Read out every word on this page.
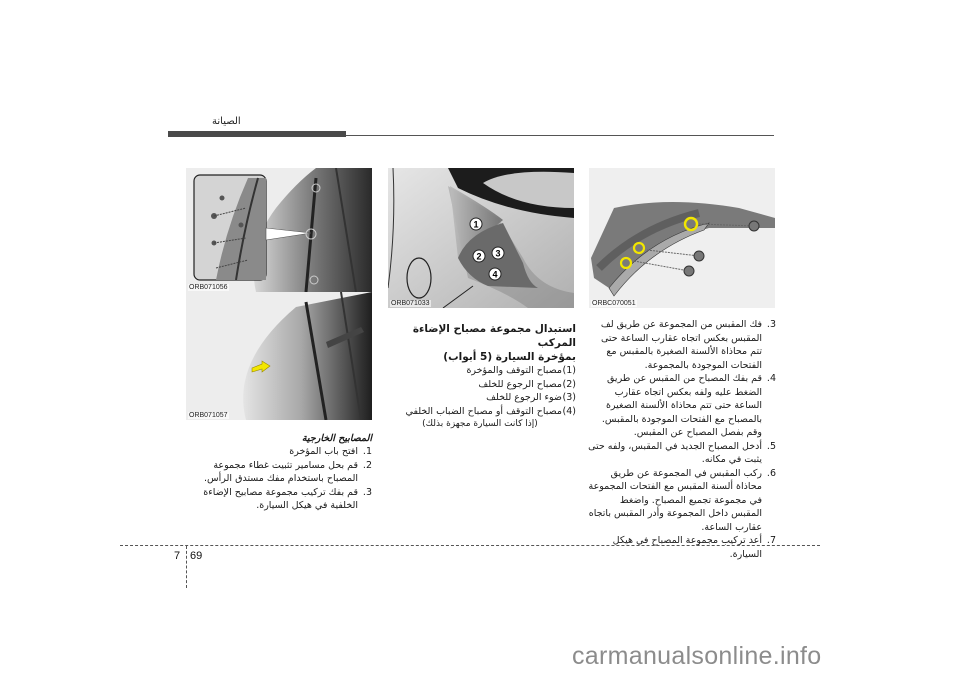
الصيانة
ORB071056
ORB071057
1
2 3
4
ORB071033	ORBC070051
المصابيح الخارجية
1.
افتح باب المؤخرة
2.
قم بحل مسامير تثبيت غطاء مجموعة المصباح باستخدام مفك مستدق الرأس.
3.
قم بفك تركيب مجموعة مصابيح الإضاءة الخلفية في هيكل السيارة.
استبدال مجموعة مصباح الإضاءة المركب
بمؤخرة السيارة (5 أبواب)
(1)
مصباح التوقف والمؤخرة
(2)
مصباح الرجوع للخلف
(3)
ضوء الرجوع للخلف
(4)
مصباح التوقف أو مصباح الضباب الخلفي
(إذا كانت السيارة مجهزة بذلك)
3.
فك المقبس من المجموعة عن طريق لف المقبس بعكس اتجاه عقارب الساعة حتى تتم محاذاة الألسنة الصغيرة بالمقبس مع الفتحات الموجودة بالمجموعة.
4.
قم بفك المصباح من المقبس عن طريق الضغط عليه ولفه بعكس اتجاه عقارب الساعة حتى تتم محاذاة الألسنة الصغيرة بالمصباح مع الفتحات الموجودة بالمقبس. وقم بفصل المصباح عن المقبس.
5.
أدخل المصباح الجديد في المقبس، ولفه حتى يثبت في مكانه.
6.
ركب المقبس في المجموعة عن طريق محاذاة ألسنة المقبس مع الفتحات المجموعة في مجموعة تجميع المصباح. واضغط المقبس داخل المجموعة وأدر المقبس باتجاه عقارب الساعة.
7.
أعد تركيب مجموعة المصباح في هيكل السيارة.
7 69
carmanualsonline.info
